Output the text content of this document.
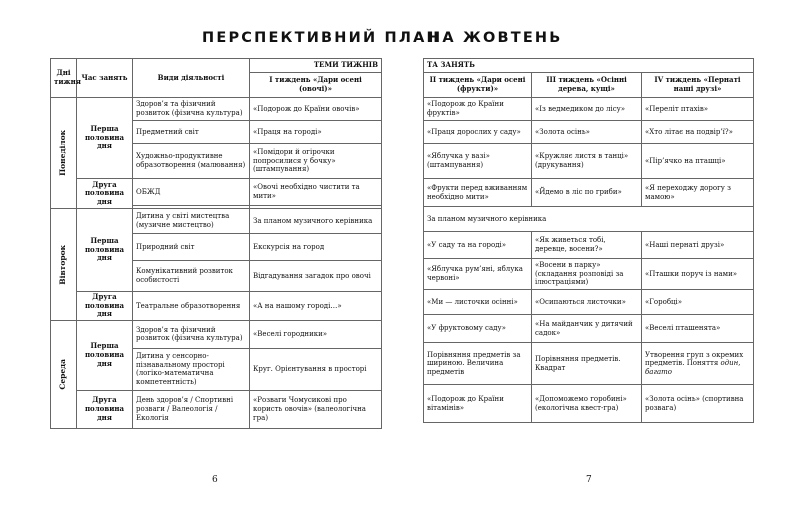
ПЕРСПЕКТИВНИЙ ПЛАН
НА ЖОВТЕНЬ
Дні тижня	Час занять	Види діяльності	ТЕМИ ТИЖНІВ
			І тиждень «Дари осені (овочі)»

Понеділок	Перша половина дня	Здоров’я та фізичний розвиток (фізична культура)	«Подорож до Країни овочів»
		Предметний світ	«Праця на городі»
		Художньо-продуктивне образотворення (малювання)	«Помідори й огірочки попросилися у бочку» (штампування)
	Друга половина дня	ОБЖД	«Овочі необхідно чистити та мити»

Вівторок	Перша половина дня	Дитина у світі мистецтва (музичне мистецтво)	За планом музичного керівника
		Природний світ	Екскурсія на город
		Комунікативний розвиток особистості	Відгадування загадок про овочі
	Друга половина дня	Театральне образотворення	«А на нашому городі…»

Середа	Перша половина дня	Здоров’я та фізичний розвиток (фізична культура)	«Веселі городники»
		Дитина у сенсорно-пізнавальному просторі (логіко-математична компетентність)	Круг. Орієнтування в просторі
	Друга половина дня	День здоров’я / Спортивні розваги / Валеологія / Екологія	«Розваги Чомусикові про користь овочів» (валеологічна гра)
ТА ЗАНЯТЬ		
ІІ тиждень «Дари осені (фрукти)»	ІІІ тиждень «Осінні дерева, кущі»	ІV тиждень «Пернаті наші друзі»
«Подорож до Країни фруктів»	«Із ведмедиком до лісу»	«Переліт птахів»
«Праця дорослих у саду»	«Золота осінь»	«Хто літає на подвір’ї?»
«Яблучка у вазі» (штампування)	«Кружляє листя в танці» (друкування)	«Пір’ячко на пташці»
«Фрукти перед вживанням необхідно мити»	«Йдемо в ліс по гриби»	«Я переходжу дорогу з мамою»
За планом музичного керівника		
«У саду та на городі»	«Як живеться тобі, деревце, восени?»	«Наші пернаті друзі»
«Яблучка рум’яні, яблука червоні»	«Восени в парку» (складання розповіді за ілюстраціями)	«Пташки поруч із нами»
«Ми — листочки осінні»	«Осипаються листочки»	«Горобці»
«У фруктовому саду»	«На майданчик у дитячий садок»	«Веселі пташенята»
Порівняння предметів за шириною. Величина предметів	Порівняння предметів. Квадрат	Утворення груп з окремих предметів. Поняття один, багато
«Подорож до Країни вітамінів»	«Допоможемо горобині» (екологічна квест-гра)	«Золота осінь» (спортивна розвага)
6	7
